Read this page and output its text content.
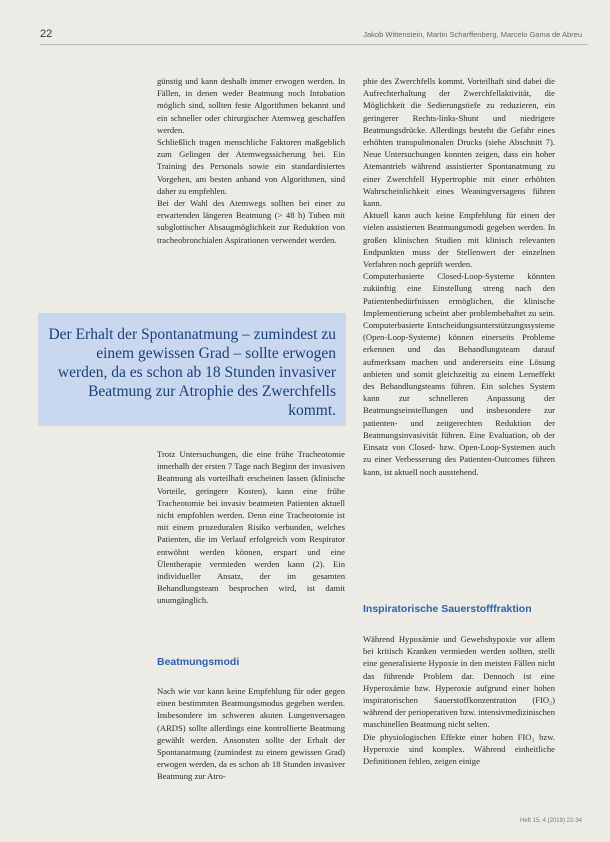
22	Jakob Wittenstein, Martin Scharffenberg, Marcelo Gama de Abreu

günstig und kann deshalb immer erwogen werden. In Fällen, in denen weder Beatmung noch Intubation möglich sind, sollten feste Algorithmen bekannt und ein schneller oder chirurgischer Atemweg geschaffen werden.

Schließlich tragen menschliche Faktoren maßgeblich zum Gelingen der Atemwegssicherung bei. Ein Training des Personals sowie ein standardisiertes Vorgehen, am besten anhand von Algorithmen, sind daher zu empfehlen.

Bei der Wahl des Atemwegs sollten bei einer zu erwartenden längeren Beatmung (> 48 h) Tuben mit subglottischer Absaugmöglichkeit zur Reduktion von tracheobronchialen Aspirationen verwendet werden.

Der Erhalt der Spontanatmung – zumindest zu einem gewissen Grad – sollte erwogen werden, da es schon ab 18 Stunden invasiver Beatmung zur Atrophie des Zwerchfells kommt.

Trotz Untersuchungen, die eine frühe Tracheotomie innerhalb der ersten 7 Tage nach Beginn der invasiven Beatmung als vorteilhaft erscheinen lassen (klinische Vorteile, geringere Kosten), kann eine frühe Tracheotomie bei invasiv beatmeten Patienten aktuell nicht empfohlen werden. Denn eine Tracheotomie ist mit einem prozeduralen Risiko verbunden, welches Patienten, die im Verlauf erfolgreich vom Respirator entwöhnt werden können, erspart und eine Ülentherapie vermieden werden kann (2). Ein individueller Ansatz, der im gesamten Behandlungsteam besprochen wird, ist damit unumgänglich.

Beatmungsmodi

Nach wie vor kann keine Empfehlung für oder gegen einen bestimmten Beatmungsmodus gegeben werden. Insbesondere im schweren akuten Lungenversagen (ARDS) sollte allerdings eine kontrollierte Beatmung gewählt werden. Ansonsten sollte der Erhalt der Spontanatmung (zumindest zu einem gewissen Grad) erwogen werden, da es schon ab 18 Stunden invasiver Beatmung zur Atro-

phie des Zwerchfells kommt. Vorteilhaft sind dabei die Aufrechterhaltung der Zwerchfellaktivität, die Möglichkeit die Sedierungstiefe zu reduzieren, ein geringerer Rechts-links-Shunt und niedrigere Beatmungsdrücke. Allerdings besteht die Gefahr eines erhöhten transpulmonalen Drucks (siehe Abschnitt 7). Neue Untersuchungen konnten zeigen, dass ein hoher Atemantrieb während assistierter Spontanatmung zu einer Zwerchfell Hypertrophie mit einer erhöhten Wahrscheinlichkeit eines Weaningversagens führen kann.

Aktuell kann auch keine Empfehlung für einen der vielen assistierten Beatmungsmodi gegeben werden. In großen klinischen Studien mit klinisch relevanten Endpunkten muss der Stellenwert der einzelnen Verfahren noch geprüft werden.

Computerbasierte Closed-Loop-Systeme könnten zukünftig eine Einstellung streng nach den Patientenbedürfnissen ermöglichen, die klinische Implementierung scheint aber problembehaftet zu sein. Computerbasierte Entscheidungsunterstützungssysteme (Open-Loop-Systeme) können einerseits Probleme erkennen und das Behandlungsteam darauf aufmerksam machen und andererseits eine Lösung anbieten und somit gleichzeitig zu einem Lerneffekt des Behandlungsteams führen. Ein solches System kann zur schnelleren Anpassung der Beatmungseinstellungen und insbesondere zur patienten- und zeitgerechten Reduktion der Beatmungsinvasivität führen. Eine Evaluation, ob der Einsatz von Closed- bzw. Open-Loop-Systemen auch zu einer Verbesserung des Patienten-Outcomes führen kann, ist aktuell noch ausstehend.

Inspiratorische Sauerstofffraktion

Während Hypoxämie und Gewebshypoxie vor allem bei kritisch Kranken vermieden werden sollten, stellt eine generalisierte Hypoxie in den meisten Fällen nicht das führende Problem dar. Dennoch ist eine Hyperoxämie bzw. Hyperoxie aufgrund einer hohen inspiratorischen Sauerstoffkonzentration (FIO₂) während der perioperativen bzw. intensivmedizinischen maschinellen Beatmung nicht selten.

Die physiologischen Effekte einer hohen FIO₂ bzw. Hyperoxie sind komplex. Während einheitliche Definitionen fehlen, zeigen einige

Heft 15, 4 (2019) 22-34
